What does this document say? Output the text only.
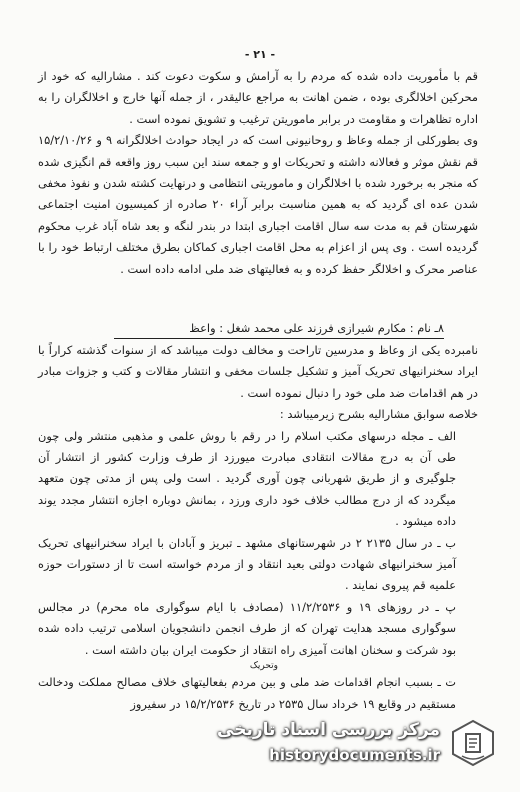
- ۲۱ -

قم با مأموریت داده شده که مردم را به آرامش و سکوت دعوت کند . مشارالیه که خود از محرکین اخلالگری بوده ، ضمن اهانت به مراجع عالیقدر ، از جمله آنها خارج و اخلالگران را به اداره تظاهرات و مقاومت در برابر ماموریتن ترغیب و تشویق نموده است .

وی بطورکلی از جمله وعاظ و روحانیونی است که در ایجاد حوادث اخلالگرانه ۹ و ۱۵/۲/۱۰/۲۶ قم نقش موثر و فعالانه داشته و تحریکات او و جمعه سند این سبب روز واقعه قم انگیزی شده که منجر به برخورد شده با اخلالگران و ماموریتی انتظامی و درنهایت کشته شدن و نفوذ مخفی شدن عده ای گردید که به همین مناسبت برابر آراء ۲۰ صادره از کمیسیون امنیت اجتماعی شهرستان قم به مدت سه سال اقامت اجباری ابتدا در بندر لنگه و بعد شاه آباد غرب محکوم گردیده است . وی پس از اعزام به محل اقامت اجباری کماکان بطرق مختلف ارتباط خود را با عناصر محرک و اخلالگر حفظ کرده و به فعالیتهای ضد ملی ادامه داده است .

۸ـ نام : مکارم شیرازی فرزند علی محمد شغل : واعظ

نامبرده یکی از وعاظ و مدرسین تاراحت و مخالف دولت میباشد که از سنوات گذشته کراراً با ایراد سخنرانیهای تحریک آمیز و تشکیل جلسات مخفی و انتشار مقالات و کتب و جزوات مبادر در هم اقدامات ضد ملی خود را دنبال نموده است .

خلاصه سوابق مشارالیه بشرح زیرمیباشد :

الف ـ مجله درسهای مکتب اسلام را در رقم با روش علمی و مذهبی منتشر ولی چون طی آن به درج مقالات انتقادی مبادرت میورزد از طرف وزارت کشور از انتشار آن جلوگیری و از طریق شهربانی چون آوری گردید . است ولی پس از مدتی چون متعهد میگردد که از درج مطالب خلاف خود داری ورزد ، بمانش دوباره اجازه انتشار مجدد یوند داده میشود .

ب ـ در سال ۲۱۳۵ ۲ در شهرستانهای مشهد ـ تبریز و آبادان با ایراد سخنرانیهای تحریک آمیز سخنرانیهای شهادت دولتی بعید انتقاد و از مردم خواسته است تا از دستورات حوزه علمیه قم پیروی نمایند .

پ ـ در روزهای ۱۹ و ۱۱/۲/۲۵۳۶ (مصادف با ایام سوگواری ماه محرم) در مجالس سوگواری مسجد هدایت تهران که از طرف انجمن دانشجویان اسلامی ترتیب داده شده بود شرکت و سخنان اهانت آمیزی راه انتقاد از حکومت ایران بیان داشته است .

وتحریک

ت ـ بسبب انجام اقدامات ضد ملی و بین مردم بفعالیتهای خلاف مصالح مملکت ودخالت مستقیم در وقایع ۱۹ خرداد سال ۲۵۳۵ در تاریخ ۱۵/۲/۲۵۳۶ در سفیروز

مرکز بررسی اسناد تاریخی
historydocuments.ir
